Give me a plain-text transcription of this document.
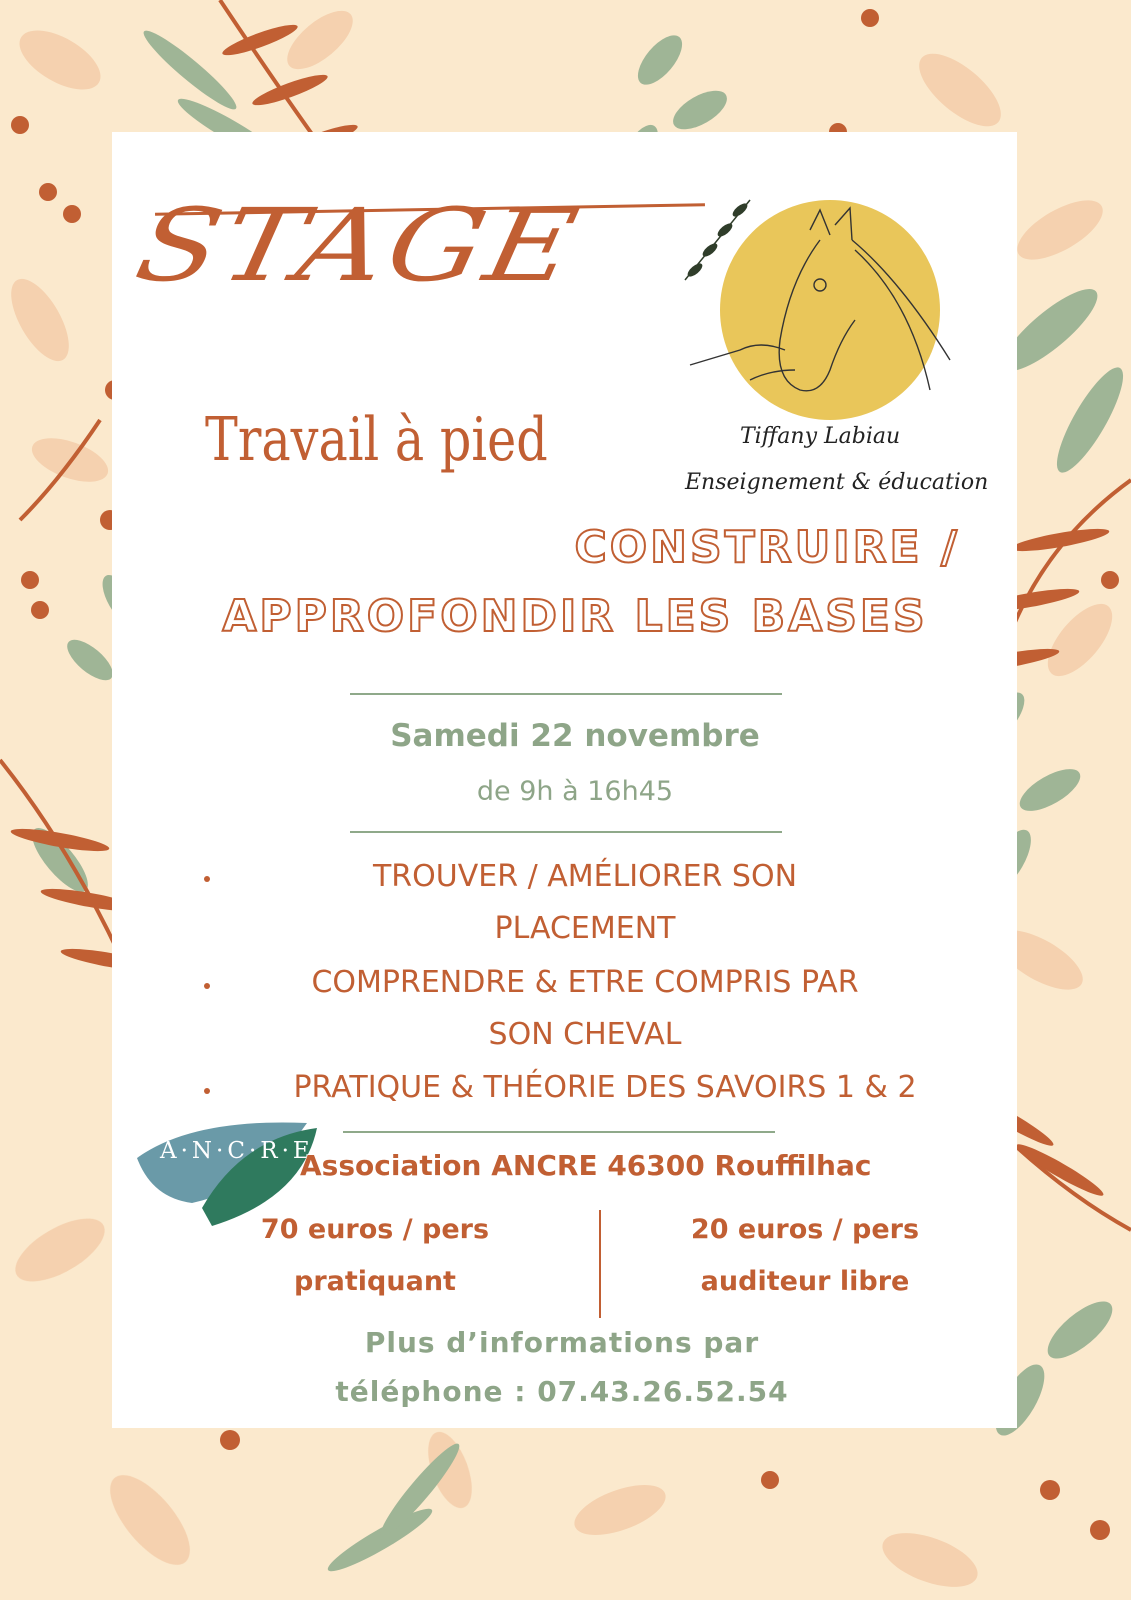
Tiffany Labiau
Enseignement & éducation
STAGE
Travail à pied
CONSTRUIRE /
APPROFONDIR LES BASES
Samedi 22 novembre
de 9h à 16h45
TROUVER / AMÉLIORER SON
PLACEMENT
COMPRENDRE & ETRE COMPRIS PAR
SON CHEVAL
PRATIQUE & THÉORIE DES SAVOIRS 1 & 2
A·N·C·R·E
Association ANCRE 46300 Rouffilhac
70 euros / pers
pratiquant
20 euros / pers
auditeur libre
Plus d’informations par
téléphone : 07.43.26.52.54
